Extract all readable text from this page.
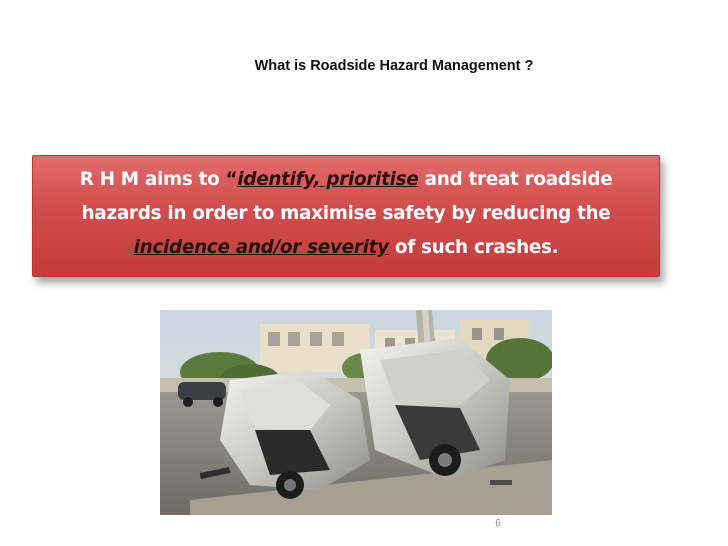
What is Roadside Hazard Management ?

R H M aims to “identify, prioritise and treat roadside hazards in order to maximise safety by reducing the incidence and/or severity of such crashes.

6
